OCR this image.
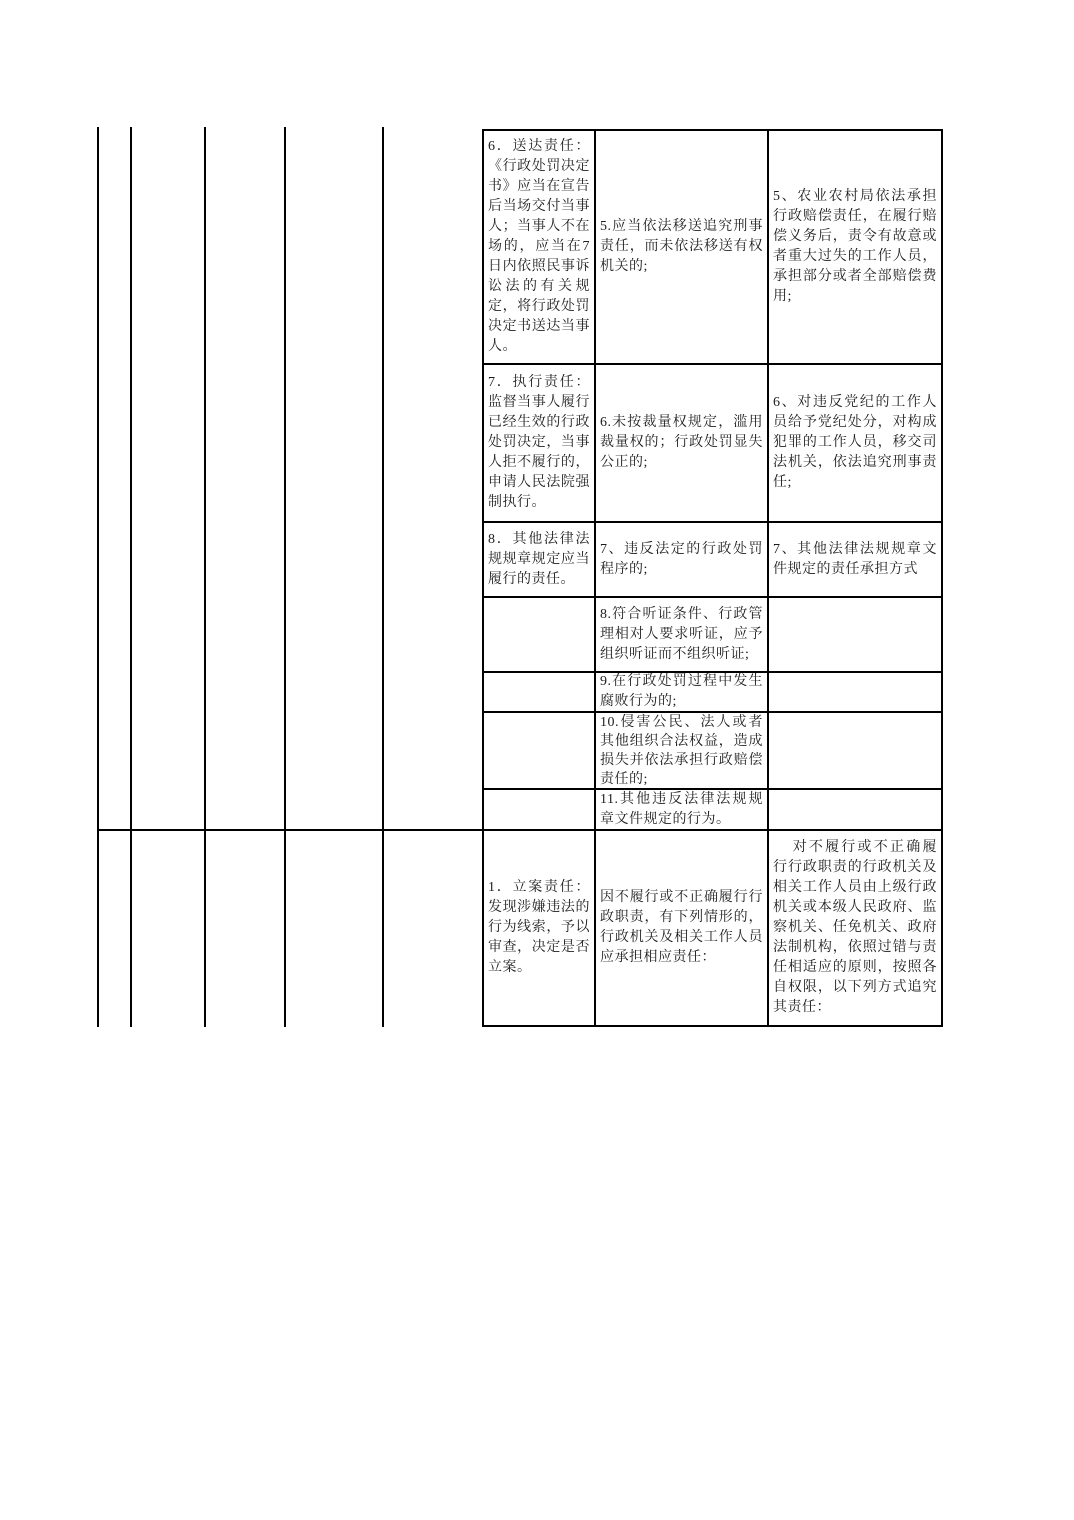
6．送达责任：《行政处罚决定书》应当在宣告后当场交付当事人；当事人不在场的，应当在7日内依照民事诉讼法的有关规定，将行政处罚决定书送达当事人。
7．执行责任：监督当事人履行已经生效的行政处罚决定，当事人拒不履行的，申请人民法院强制执行。
8．其他法律法规规章规定应当履行的责任。
5.应当依法移送追究刑事责任，而未依法移送有权机关的;
6.未按裁量权规定，滥用裁量权的；行政处罚显失公正的;
7、违反法定的行政处罚程序的;
8.符合听证条件、行政管理相对人要求听证，应予组织听证而不组织听证;
9.在行政处罚过程中发生腐败行为的;
10.侵害公民、法人或者其他组织合法权益，造成损失并依法承担行政赔偿责任的;
11.其他违反法律法规规章文件规定的行为。
5、农业农村局依法承担行政赔偿责任，在履行赔偿义务后，责令有故意或者重大过失的工作人员，承担部分或者全部赔偿费用;
6、对违反党纪的工作人员给予党纪处分，对构成犯罪的工作人员，移交司法机关，依法追究刑事责任;
7、其他法律法规规章文件规定的责任承担方式
1．立案责任：发现涉嫌违法的行为线索，予以审查，决定是否立案。
因不履行或不正确履行行政职责，有下列情形的，行政机关及相关工作人员应承担相应责任：
对不履行或不正确履行行政职责的行政机关及相关工作人员由上级行政机关或本级人民政府、监察机关、任免机关、政府法制机构，依照过错与责任相适应的原则，按照各自权限，以下列方式追究其责任：
